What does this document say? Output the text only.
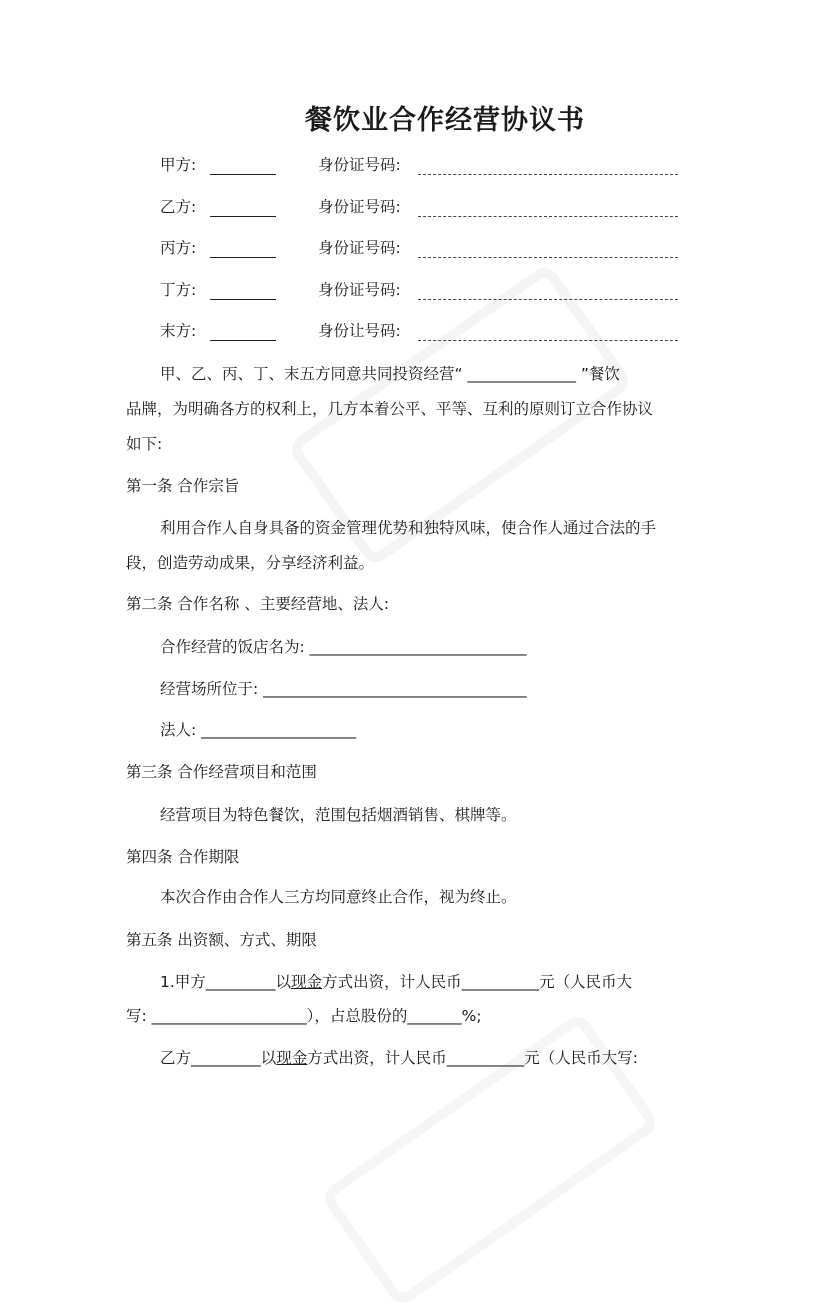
餐饮业合作经营协议书
甲方:	身份证号码:
乙方:	身份证号码:
丙方:	身份证号码:
丁方:	身份证号码:
末方:	身份让号码:
甲、乙、丙、丁、末五方同意共同投资经营“ ______________ ”餐饮
品牌，为明确各方的权利上，几方本着公平、平等、互利的原则订立合作协议
如下:
第一条 合作宗旨
利用合作人自身具备的资金管理优势和独特风味，使合作人通过合法的手
段，创造劳动成果，分享经济利益。
第二条 合作名称 、主要经营地、法人:
合作经营的饭店名为: ____________________________
经营场所位于: __________________________________
法人: ____________________
第三条 合作经营项目和范围
经营项目为特色餐饮，范围包括烟酒销售、棋牌等。
第四条 合作期限
本次合作由合作人三方均同意终止合作，视为终止。
第五条 出资额、方式、期限
1.甲方_________以现金方式出资，计人民币__________元（人民币大
写: ____________________），占总股份的_______%;
乙方_________以现金方式出资，计人民币__________元（人民币大写:
